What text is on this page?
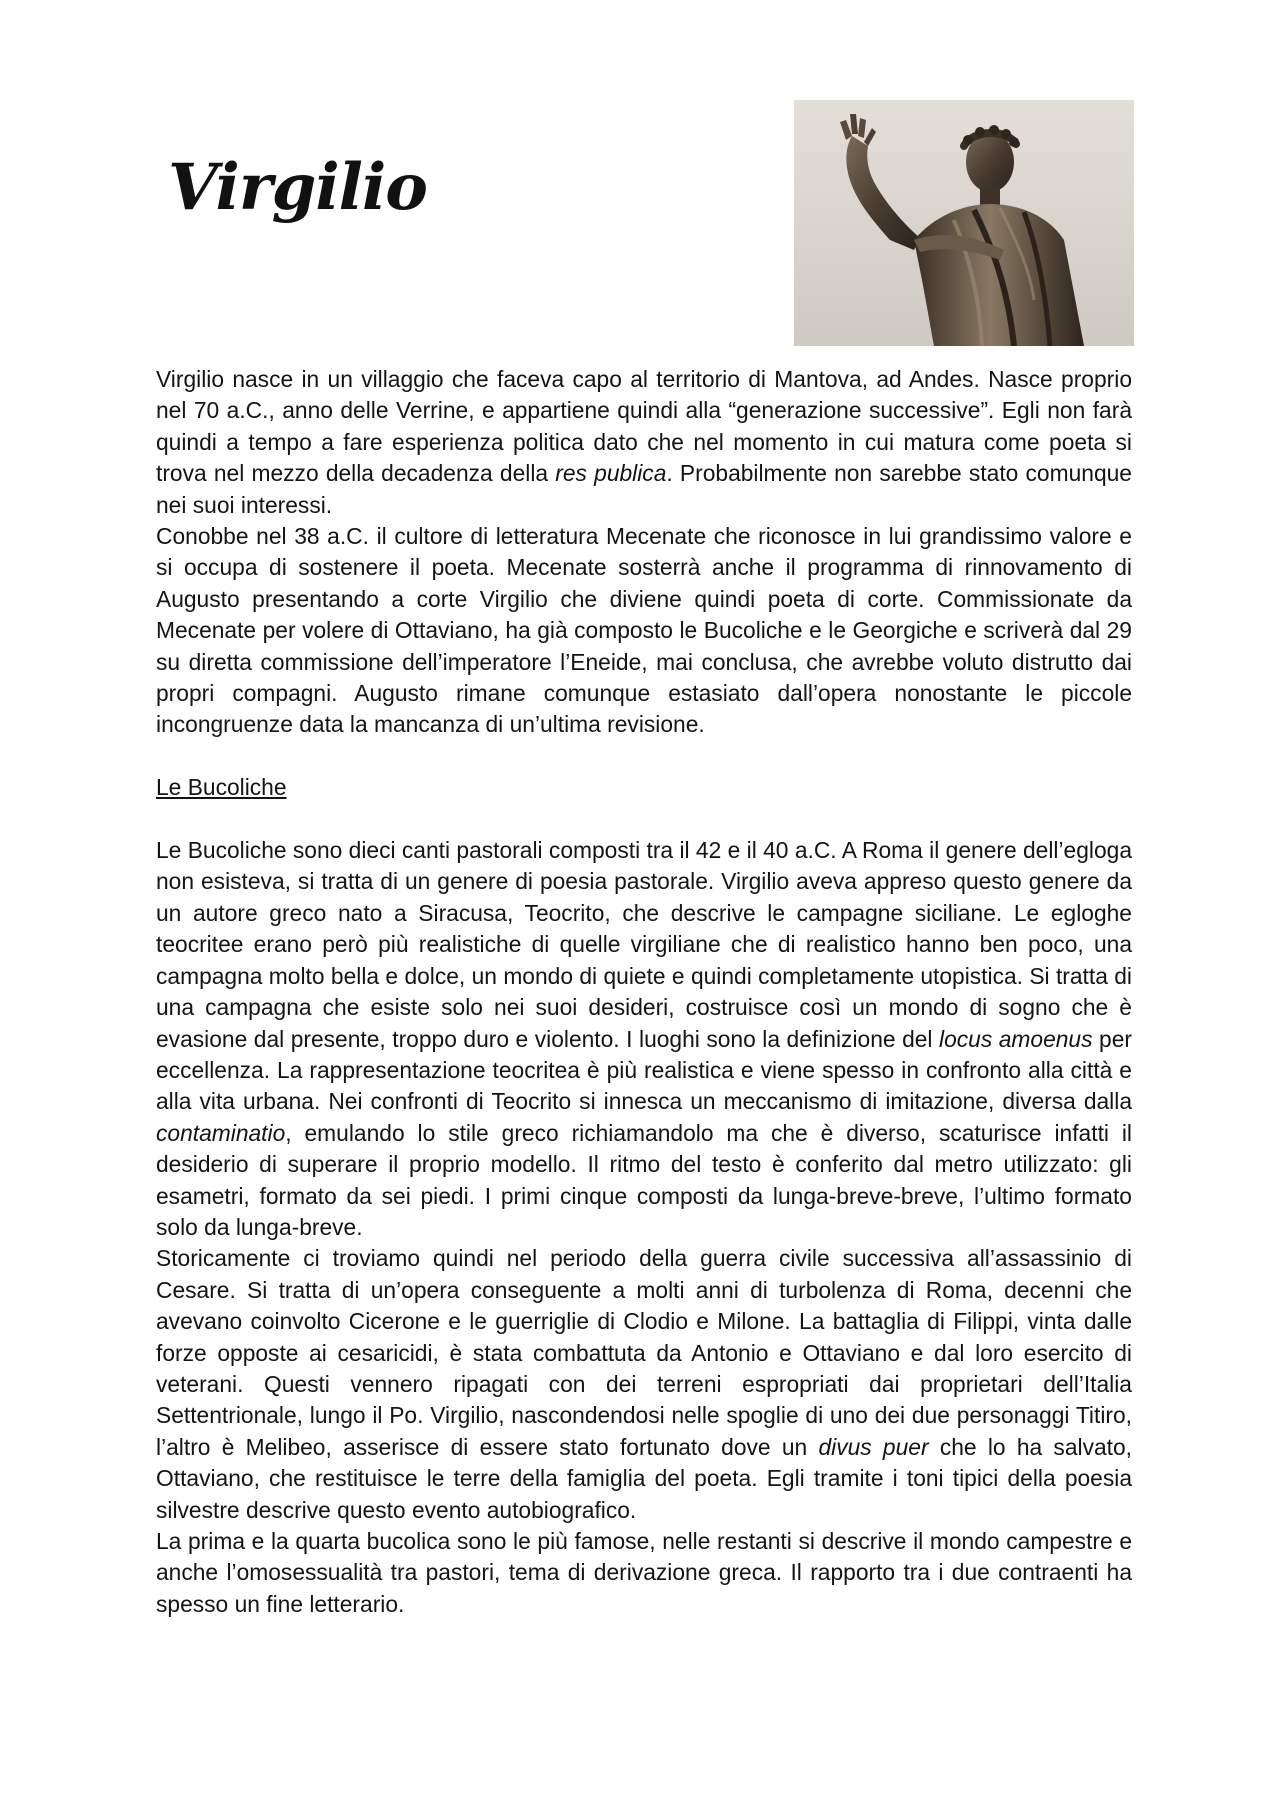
Virgilio

Virgilio nasce in un villaggio che faceva capo al territorio di Mantova, ad Andes. Nasce proprio nel 70 a.C., anno delle Verrine, e appartiene quindi alla “generazione successive”. Egli non farà quindi a tempo a fare esperienza politica dato che nel momento in cui matura come poeta si trova nel mezzo della decadenza della res publica. Probabilmente non sarebbe stato comunque nei suoi interessi.

Conobbe nel 38 a.C. il cultore di letteratura Mecenate che riconosce in lui grandissimo valore e si occupa di sostenere il poeta. Mecenate sosterrà anche il programma di rinnovamento di Augusto presentando a corte Virgilio che diviene quindi poeta di corte. Commissionate da Mecenate per volere di Ottaviano, ha già composto le Bucoliche e le Georgiche e scriverà dal 29 su diretta commissione dell’imperatore l’Eneide, mai conclusa, che avrebbe voluto distrutto dai propri compagni. Augusto rimane comunque estasiato dall’opera nonostante le piccole incongruenze data la mancanza di un’ultima revisione.

Le Bucoliche

Le Bucoliche sono dieci canti pastorali composti tra il 42 e il 40 a.C. A Roma il genere dell’egloga non esisteva, si tratta di un genere di poesia pastorale. Virgilio aveva appreso questo genere da un autore greco nato a Siracusa, Teocrito, che descrive le campagne siciliane. Le egloghe teocritee erano però più realistiche di quelle virgiliane che di realistico hanno ben poco, una campagna molto bella e dolce, un mondo di quiete e quindi completamente utopistica. Si tratta di una campagna che esiste solo nei suoi desideri, costruisce così un mondo di sogno che è evasione dal presente, troppo duro e violento. I luoghi sono la definizione del locus amoenus per eccellenza. La rappresentazione teocritea è più realistica e viene spesso in confronto alla città e alla vita urbana. Nei confronti di Teocrito si innesca un meccanismo di imitazione, diversa dalla contaminatio, emulando lo stile greco richiamandolo ma che è diverso, scaturisce infatti il desiderio di superare il proprio modello. Il ritmo del testo è conferito dal metro utilizzato: gli esametri, formato da sei piedi. I primi cinque composti da lunga-breve-breve, l’ultimo formato solo da lunga-breve.

Storicamente ci troviamo quindi nel periodo della guerra civile successiva all’assassinio di Cesare. Si tratta di un’opera conseguente a molti anni di turbolenza di Roma, decenni che avevano coinvolto Cicerone e le guerriglie di Clodio e Milone. La battaglia di Filippi, vinta dalle forze opposte ai cesaricidi, è stata combattuta da Antonio e Ottaviano e dal loro esercito di veterani. Questi vennero ripagati con dei terreni espropriati dai proprietari dell’Italia Settentrionale, lungo il Po. Virgilio, nascondendosi nelle spoglie di uno dei due personaggi Titiro, l’altro è Melibeo, asserisce di essere stato fortunato dove un divus puer che lo ha salvato, Ottaviano, che restituisce le terre della famiglia del poeta. Egli tramite i toni tipici della poesia silvestre descrive questo evento autobiografico.

La prima e la quarta bucolica sono le più famose, nelle restanti si descrive il mondo campestre e anche l’omosessualità tra pastori, tema di derivazione greca. Il rapporto tra i due contraenti ha spesso un fine letterario.
